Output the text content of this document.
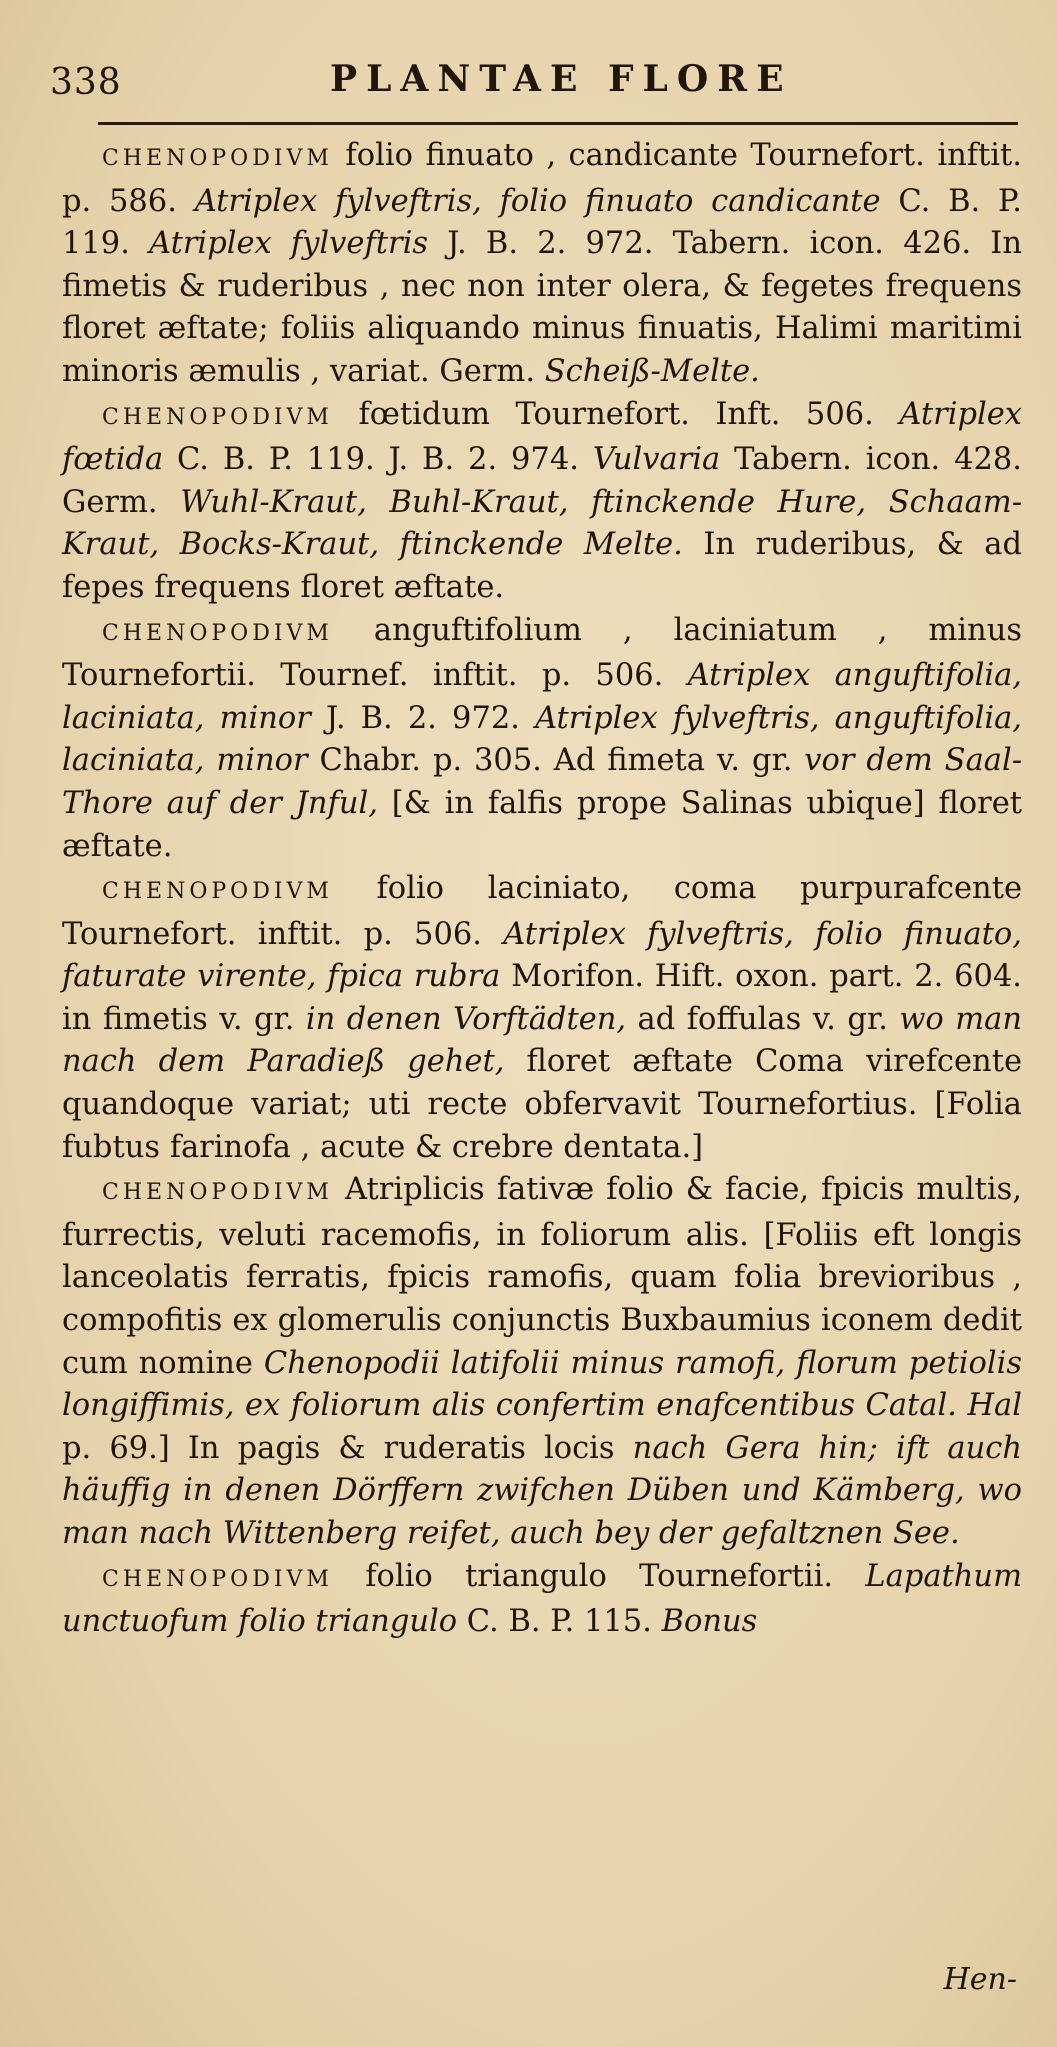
338	PLANTAE FLORE

CHENOPODIVM folio finuato , candicante Tournefort. inftit. p. 586. Atriplex fylveftris, folio finuato candicante C. B. P. 119. Atriplex fylveftris J. B. 2. 972. Tabern. icon. 426. In fimetis & ruderibus , nec non inter olera, & fegetes frequens floret æftate; foliis aliquando minus finuatis, Halimi maritimi minoris æmulis , variat. Germ. Scheiß-Melte.

CHENOPODIVM fœtidum Tournefort. Inft. 506. Atriplex fœtida C. B. P. 119. J. B. 2. 974. Vulvaria Tabern. icon. 428. Germ. Wuhl-Kraut, Buhl-Kraut, ftinckende Hure, Schaam-Kraut, Bocks-Kraut, ftinckende Melte. In ruderibus, & ad fepes frequens floret æftate.

CHENOPODIVM anguftifolium , laciniatum , minus Tournefortii. Tournef. inftit. p. 506. Atriplex anguftifolia, laciniata, minor J. B. 2. 972. Atriplex fylveftris, anguftifolia, laciniata, minor Chabr. p. 305. Ad fimeta v. gr. vor dem Saal-Thore auf der Jnful, [& in falfis prope Salinas ubique] floret æftate.

CHENOPODIVM folio laciniato, coma purpurafcente Tournefort. inftit. p. 506. Atriplex fylveftris, folio finuato, faturate virente, fpica rubra Morifon. Hift. oxon. part. 2. 604. in fimetis v. gr. in denen Vorftädten, ad foffulas v. gr. wo man nach dem Paradieß gehet, floret æftate Coma virefcente quandoque variat; uti recte obfervavit Tournefortius. [Folia fubtus farinofa , acute & crebre dentata.]

CHENOPODIVM Atriplicis fativæ folio & facie, fpicis multis, furrectis, veluti racemofis, in foliorum alis. [Foliis eft longis lanceolatis ferratis, fpicis ramofis, quam folia brevioribus , compofitis ex glomerulis conjunctis Buxbaumius iconem dedit cum nomine Chenopodii latifolii minus ramofi, florum petiolis longiffimis, ex foliorum alis confertim enafcentibus Catal. Hal p. 69.] In pagis & ruderatis locis nach Gera hin; ift auch häuffig in denen Dörffern zwifchen Düben und Kämberg, wo man nach Wittenberg reifet, auch bey der gefaltznen See.

CHENOPODIVM folio triangulo Tournefortii. Lapathum unctuofum folio triangulo C. B. P. 115. Bonus

Hen-
